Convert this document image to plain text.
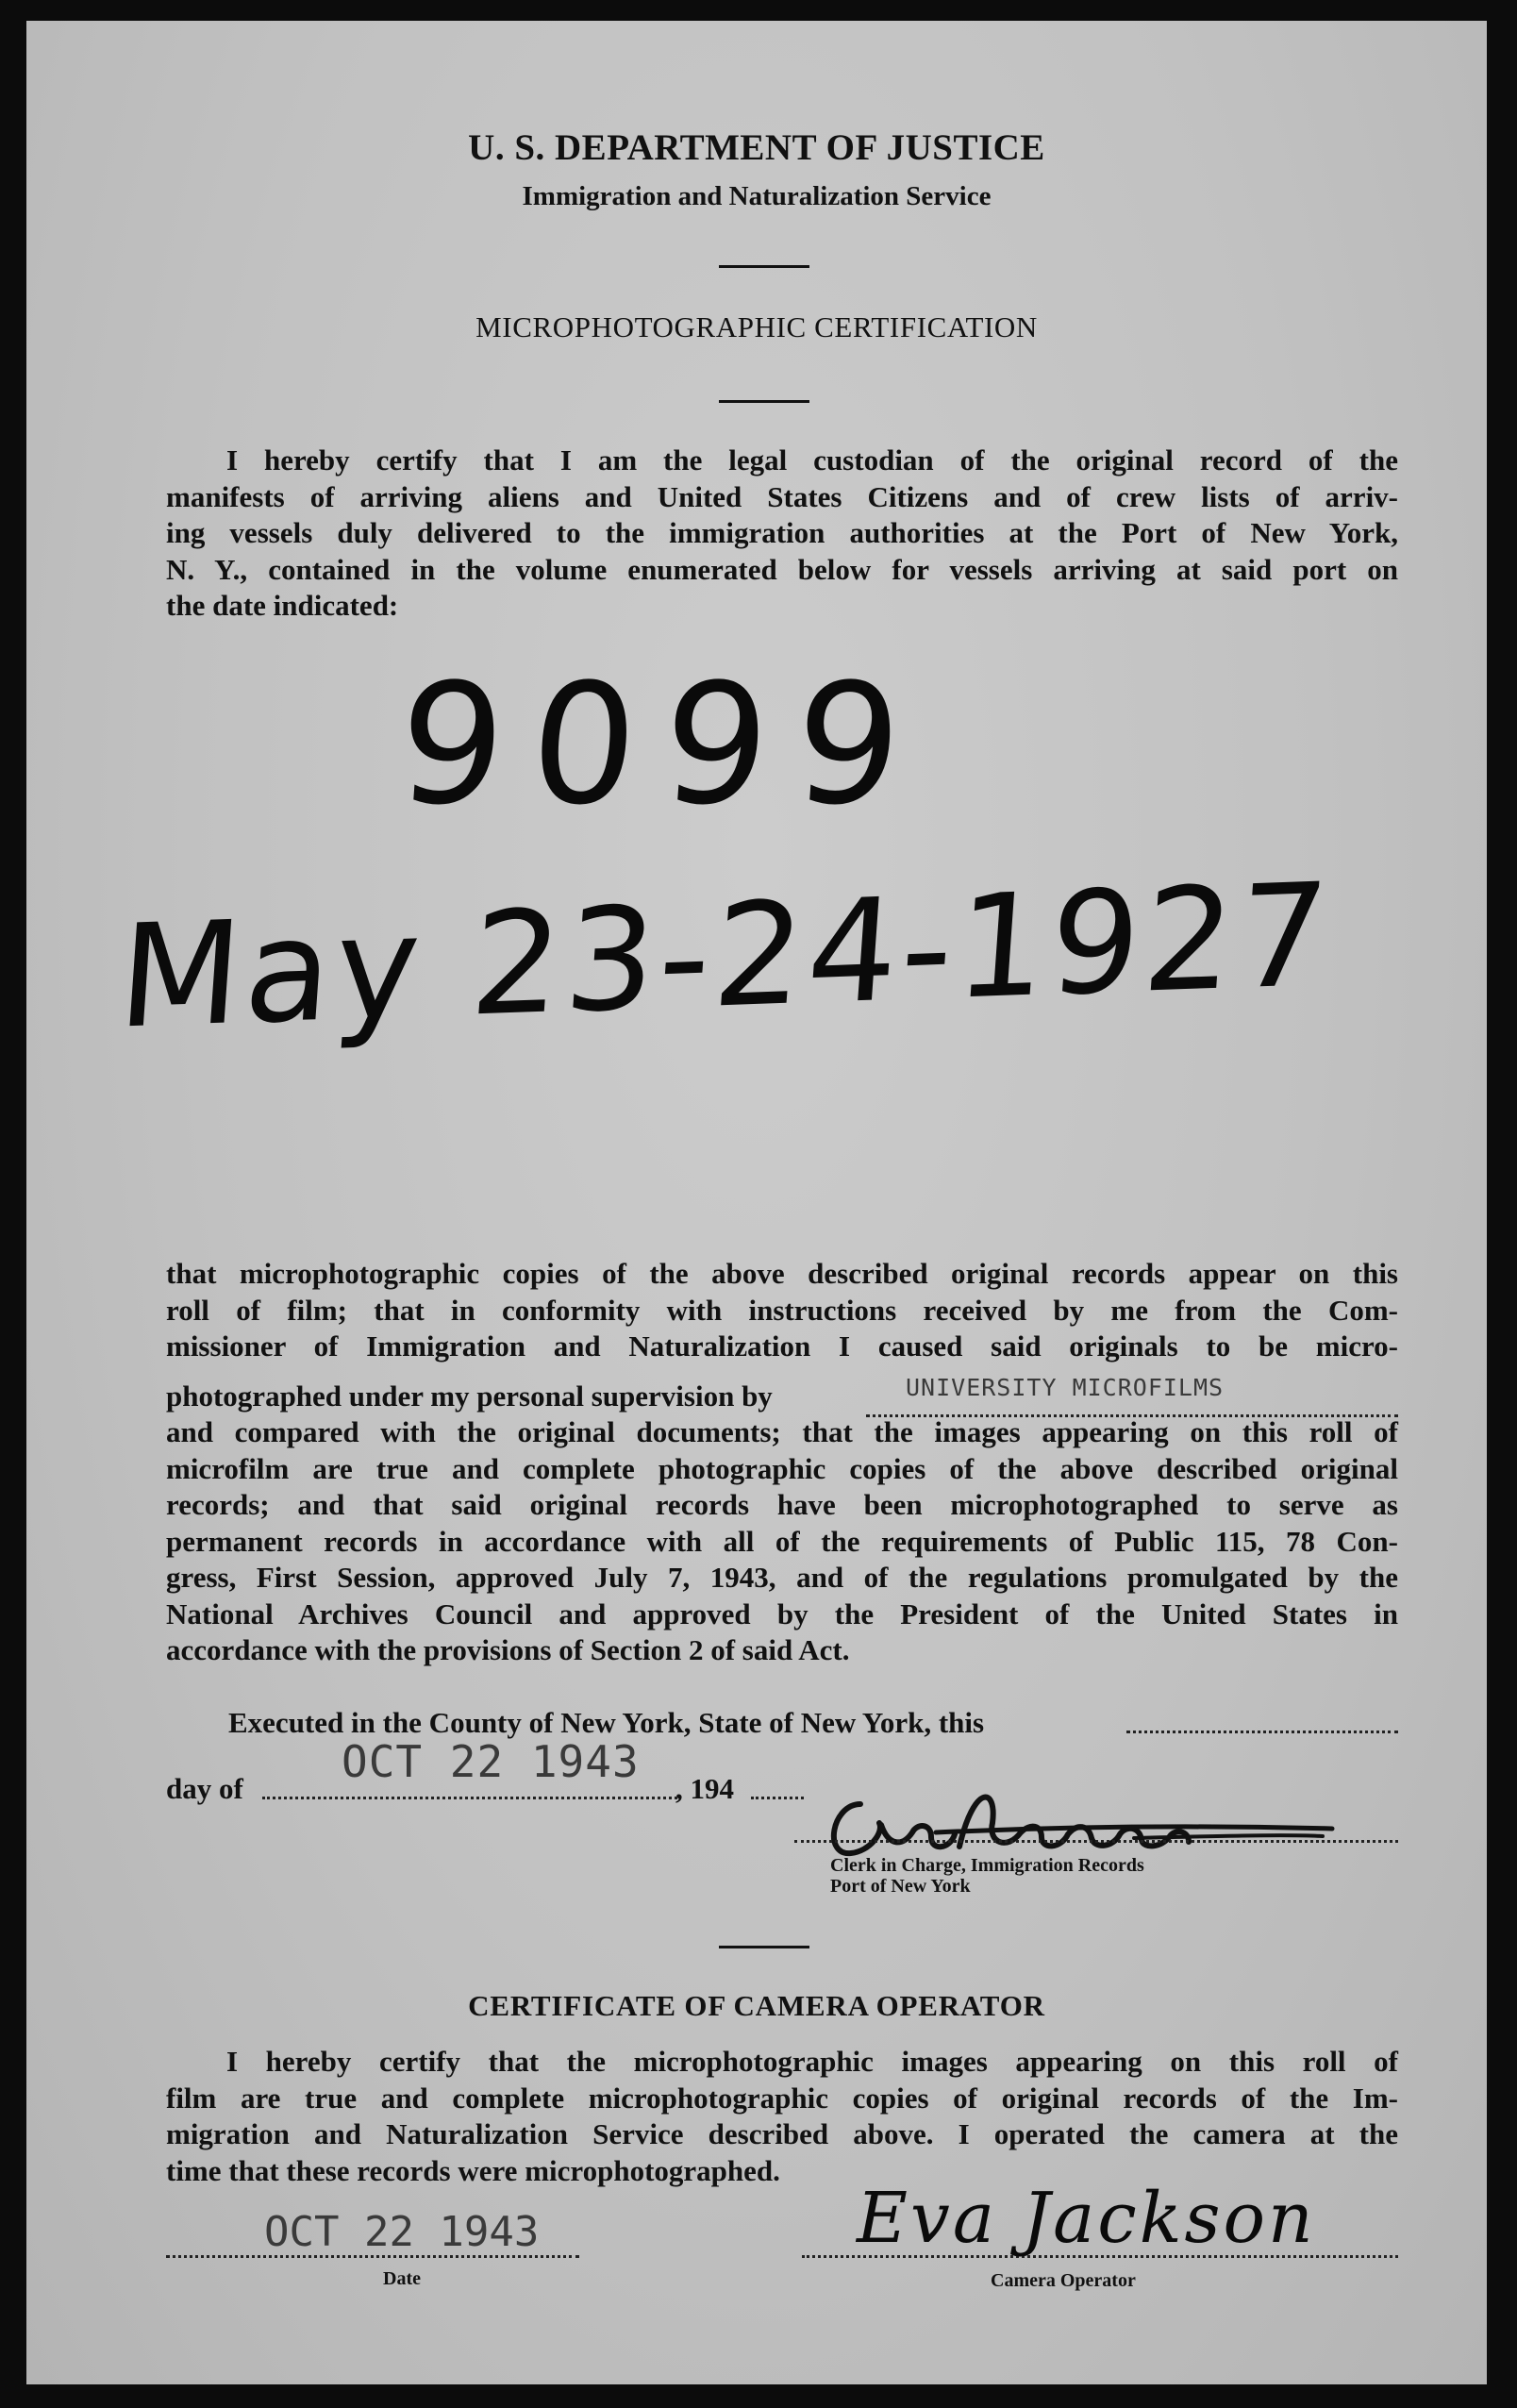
U. S. DEPARTMENT OF JUSTICE
Immigration and Naturalization Service
MICROPHOTOGRAPHIC CERTIFICATION
I hereby certify that I am the legal custodian of the original record of the
manifests of arriving aliens and United States Citizens and of crew lists of arriv-
ing vessels duly delivered to the immigration authorities at the Port of New York,
N. Y., contained in the volume enumerated below for vessels arriving at said port on
the date indicated:
9099
May 23-24-1927
that microphotographic copies of the above described original records appear on this
roll of film; that in conformity with instructions received by me from the Com-
missioner of Immigration and Naturalization I caused said originals to be micro-
photographed under my personal supervision by
and compared with the original documents; that the images appearing on this roll of
microfilm are true and complete photographic copies of the above described original
records; and that said original records have been microphotographed to serve as
permanent records in accordance with all of the requirements of Public 115, 78 Con-
gress, First Session, approved July 7, 1943, and of the regulations promulgated by the
National Archives Council and approved by the President of the United States in
accordance with the provisions of Section 2 of said Act.
UNIVERSITY MICROFILMS
Executed in the County of New York, State of New York, this
day of	, 194
OCT 22 1943
Clerk in Charge, Immigration Records
Port of New York
CERTIFICATE OF CAMERA OPERATOR
I hereby certify that the microphotographic images appearing on this roll of
film are true and complete microphotographic copies of original records of the Im-
migration and Naturalization Service described above. I operated the camera at the
time that these records were microphotographed.
OCT 22 1943
Date
Eva Jackson
Camera Operator
